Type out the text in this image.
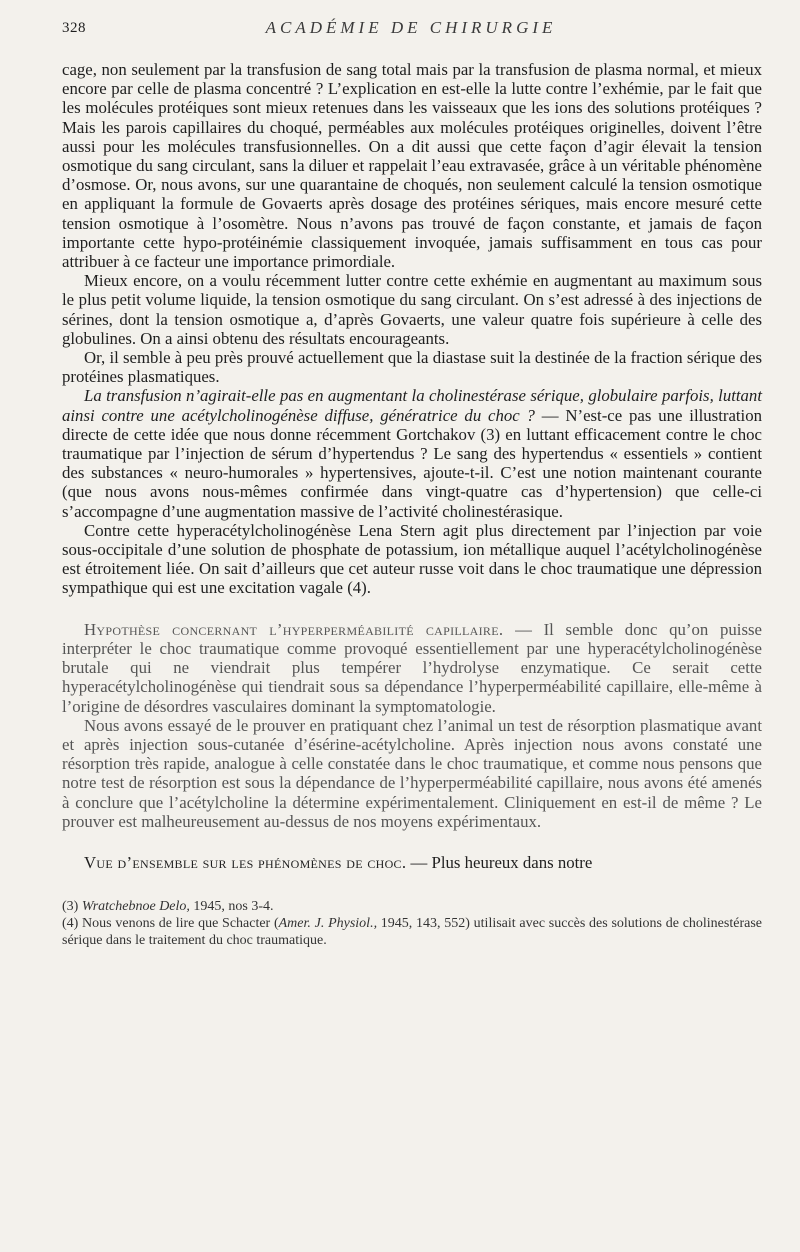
328	ACADÉMIE DE CHIRURGIE

cage, non seulement par la transfusion de sang total mais par la transfusion de plasma normal, et mieux encore par celle de plasma concentré ? L’explication en est-elle la lutte contre l’exhémie, par le fait que les molécules protéiques sont mieux retenues dans les vaisseaux que les ions des solutions protéiques ? Mais les parois capillaires du choqué, perméables aux molécules protéiques originelles, doivent l’être aussi pour les molécules transfusionnelles. On a dit aussi que cette façon d’agir élevait la tension osmotique du sang circulant, sans la diluer et rappelait l’eau extravasée, grâce à un véritable phénomène d’osmose. Or, nous avons, sur une quarantaine de choqués, non seulement calculé la tension osmotique en appliquant la formule de Govaerts après dosage des protéines sériques, mais encore mesuré cette tension osmotique à l’osomètre. Nous n’avons pas trouvé de façon constante, et jamais de façon importante cette hypo-protéinémie classiquement invoquée, jamais suffisamment en tous cas pour attribuer à ce facteur une importance primordiale.

Mieux encore, on a voulu récemment lutter contre cette exhémie en augmentant au maximum sous le plus petit volume liquide, la tension osmotique du sang circulant. On s’est adressé à des injections de sérines, dont la tension osmotique a, d’après Govaerts, une valeur quatre fois supérieure à celle des globulines. On a ainsi obtenu des résultats encourageants.

Or, il semble à peu près prouvé actuellement que la diastase suit la destinée de la fraction sérique des protéines plasmatiques.

La transfusion n’agirait-elle pas en augmentant la cholinestérase sérique, globulaire parfois, luttant ainsi contre une acétylcholinogénèse diffuse, génératrice du choc ? — N’est-ce pas une illustration directe de cette idée que nous donne récemment Gortchakov (3) en luttant efficacement contre le choc traumatique par l’injection de sérum d’hypertendus ? Le sang des hypertendus « essentiels » contient des substances « neuro-humorales » hypertensives, ajoute-t-il. C’est une notion maintenant courante (que nous avons nous-mêmes confirmée dans vingt-quatre cas d’hypertension) que celle-ci s’accompagne d’une augmentation massive de l’activité cholinestérasique.

Contre cette hyperacétylcholinogénèse Lena Stern agit plus directement par l’injection par voie sous-occipitale d’une solution de phosphate de potassium, ion métallique auquel l’acétylcholinogénèse est étroitement liée. On sait d’ailleurs que cet auteur russe voit dans le choc traumatique une dépression sympathique qui est une excitation vagale (4).

Hypothèse concernant l’hyperperméabilité capillaire. — Il semble donc qu’on puisse interpréter le choc traumatique comme provoqué essentiellement par une hyperacétylcholinogénèse brutale qui ne viendrait plus tempérer l’hydrolyse enzymatique. Ce serait cette hyperacétylcholinogénèse qui tiendrait sous sa dépendance l’hyperperméabilité capillaire, elle-même à l’origine de désordres vasculaires dominant la symptomatologie.

Nous avons essayé de le prouver en pratiquant chez l’animal un test de résorption plasmatique avant et après injection sous-cutanée d’ésérine-acétylcholine. Après injection nous avons constaté une résorption très rapide, analogue à celle constatée dans le choc traumatique, et comme nous pensons que notre test de résorption est sous la dépendance de l’hyperperméabilité capillaire, nous avons été amenés à conclure que l’acétylcholine la détermine expérimentalement. Cliniquement en est-il de même ? Le prouver est malheureusement au-dessus de nos moyens expérimentaux.

Vue d’ensemble sur les phénomènes de choc. — Plus heureux dans notre

(3) Wratchebnoe Delo, 1945, nos 3-4.

(4) Nous venons de lire que Schacter (Amer. J. Physiol., 1945, 143, 552) utilisait avec succès des solutions de cholinestérase sérique dans le traitement du choc traumatique.
